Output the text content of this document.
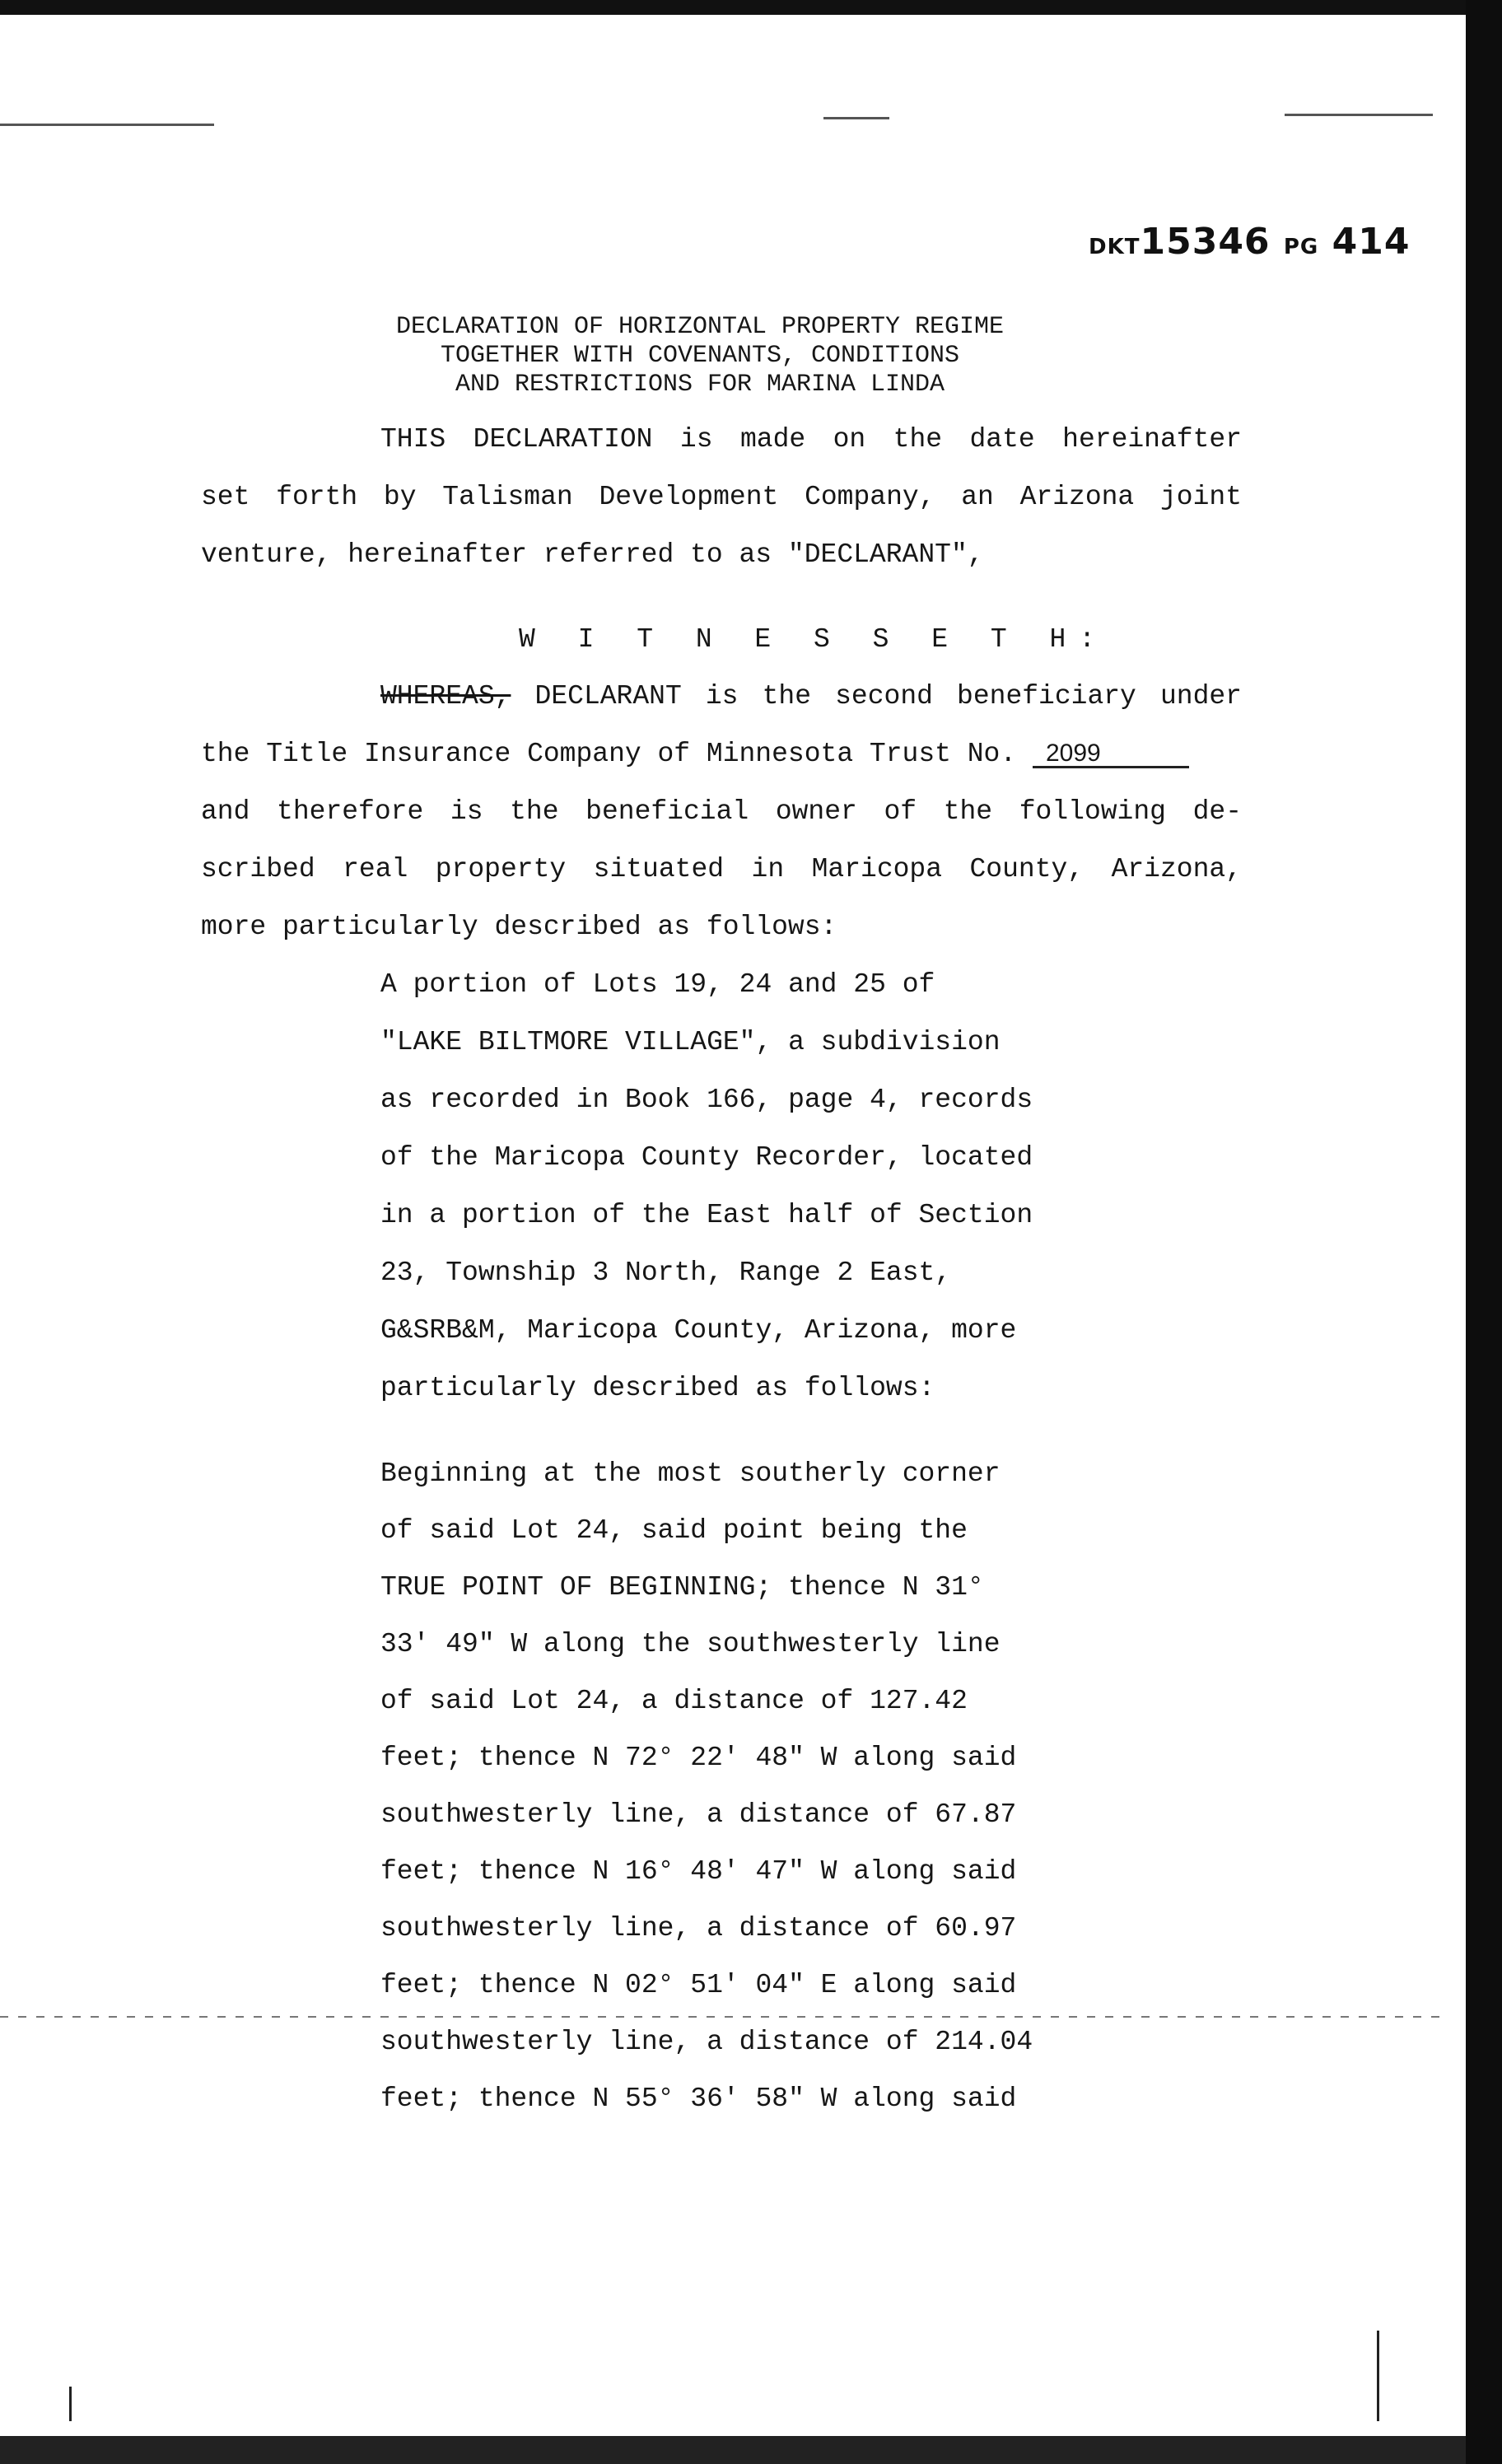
DKT15346 PG 414
DECLARATION OF HORIZONTAL PROPERTY REGIME
TOGETHER WITH COVENANTS, CONDITIONS
AND RESTRICTIONS FOR MARINA LINDA
THIS DECLARATION is made on the date hereinafter
set forth by Talisman Development Company, an Arizona joint
venture, hereinafter referred to as "DECLARANT",
W I T N E S S E T H:
WHEREAS, DECLARANT is the second beneficiary under
the Title Insurance Company of Minnesota Trust No. 2099
and therefore is the beneficial owner of the following de-
scribed real property situated in Maricopa County, Arizona,
more particularly described as follows:
A portion of Lots 19, 24 and 25 of
"LAKE BILTMORE VILLAGE", a subdivision
as recorded in Book 166, page 4, records
of the Maricopa County Recorder, located
in a portion of the East half of Section
23, Township 3 North, Range 2 East,
G&SRB&M, Maricopa County, Arizona, more
particularly described as follows:
Beginning at the most southerly corner
of said Lot 24, said point being the
TRUE POINT OF BEGINNING; thence N 31°
33' 49" W along the southwesterly line
of said Lot 24, a distance of 127.42
feet; thence N 72° 22' 48" W along said
southwesterly line, a distance of 67.87
feet; thence N 16° 48' 47" W along said
southwesterly line, a distance of 60.97
feet; thence N 02° 51' 04" E along said
southwesterly line, a distance of 214.04
feet; thence N 55° 36' 58" W along said
